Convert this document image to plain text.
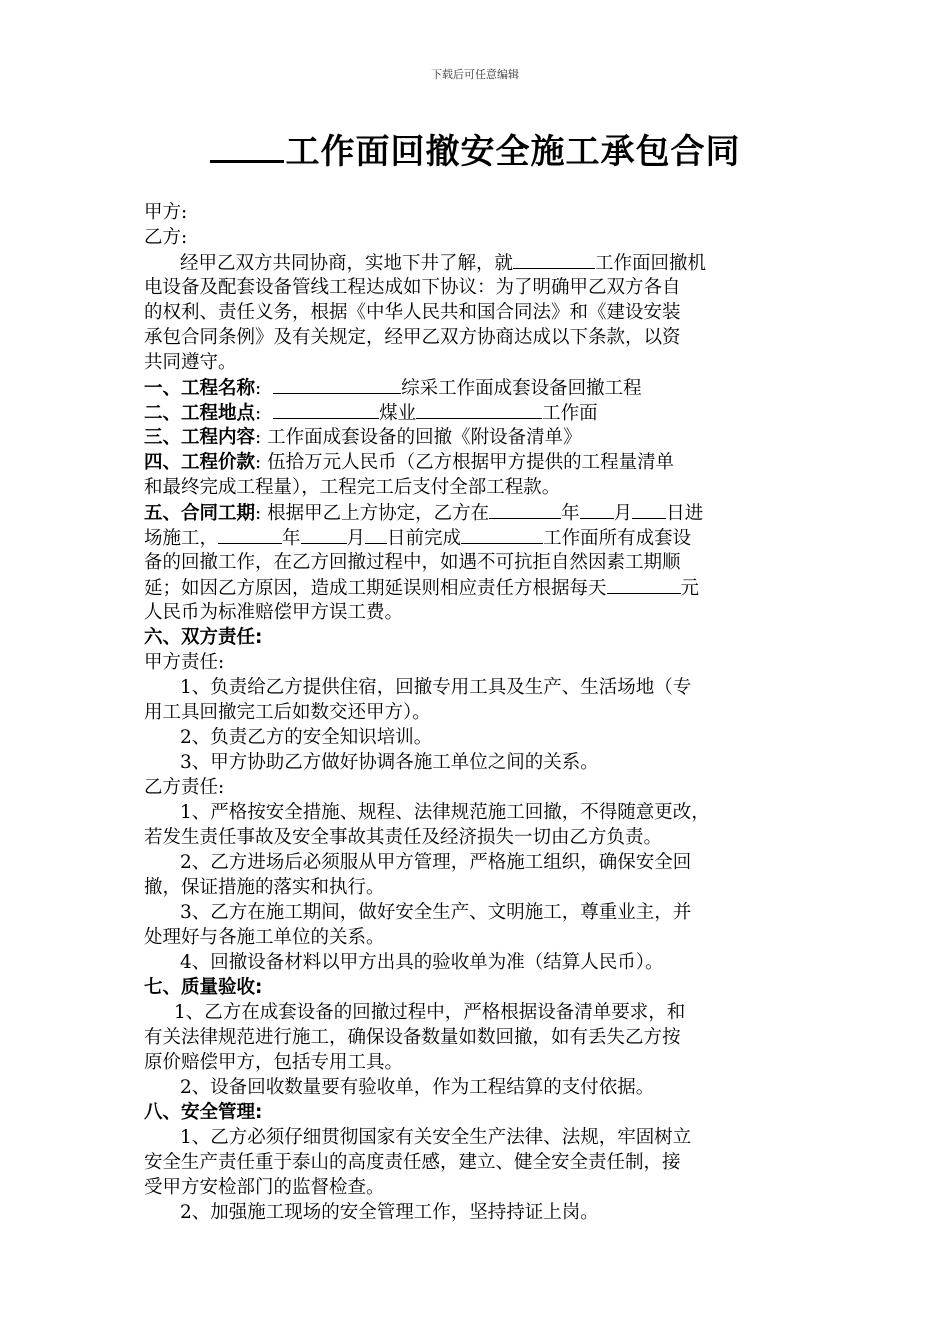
下载后可任意编辑
工作面回撤安全施工承包合同
甲方:
乙方:
经甲乙双方共同协商，实地下井了解，就	工作面回撤机
电设备及配套设备管线工程达成如下协议：为了明确甲乙双方各自
的权利、责任义务，根据《中华人民共和国合同法》和《建设安装
承包合同条例》及有关规定，经甲乙双方协商达成以下条款，以资
共同遵守。
一、工程名称:	综采工作面成套设备回撤工程
二、工程地点:	煤业	工作面
三、工程内容: 工作面成套设备的回撤《附设备清单》
四、工程价款: 伍拾万元人民币（乙方根据甲方提供的工程量清单
和最终完成工程量），工程完工后支付全部工程款。
五、合同工期: 根据甲乙上方协定，乙方在	年 月 日进
场施工，	年 月 日前完成	工作面所有成套设
备的回撤工作，在乙方回撤过程中，如遇不可抗拒自然因素工期顺
延；如因乙方原因，造成工期延误则相应责任方根据每天	元
人民币为标准赔偿甲方误工费。
六、双方责任:
甲方责任:
1、负责给乙方提供住宿，回撤专用工具及生产、生活场地（专
用工具回撤完工后如数交还甲方）。
2、负责乙方的安全知识培训。
3、甲方协助乙方做好协调各施工单位之间的关系。
乙方责任:
1、严格按安全措施、规程、法律规范施工回撤，不得随意更改，
若发生责任事故及安全事故其责任及经济损失一切由乙方负责。
2、乙方进场后必须服从甲方管理，严格施工组织，确保安全回
撤，保证措施的落实和执行。
3、乙方在施工期间，做好安全生产、文明施工，尊重业主，并
处理好与各施工单位的关系。
4、回撤设备材料以甲方出具的验收单为准（结算人民币）。
七、质量验收:
1、乙方在成套设备的回撤过程中，严格根据设备清单要求，和
有关法律规范进行施工，确保设备数量如数回撤，如有丢失乙方按
原价赔偿甲方，包括专用工具。
2、设备回收数量要有验收单，作为工程结算的支付依据。
八、安全管理:
1、乙方必须仔细贯彻国家有关安全生产法律、法规，牢固树立
安全生产责任重于泰山的高度责任感，建立、健全安全责任制，接
受甲方安检部门的监督检查。
2、加强施工现场的安全管理工作，坚持持证上岗。
